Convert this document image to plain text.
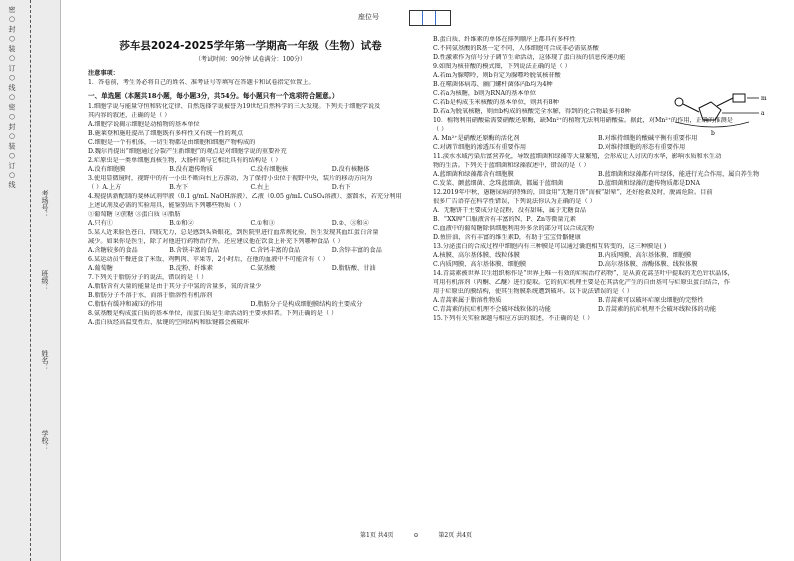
密 ○ 封 ○ 装 ○ 订 ○ 线 ○ 密 ○ 封 ○ 装 ○ 订 ○ 线
学校：
姓名：
班级：
考场号：
座位号
莎车县2024-2025学年第一学期高一年级（生物）试卷
（考试时间：90分钟 试卷满分：100分）
注意事项：
1．答卷前，考生务必将自己的姓名、准考证号等填写在答题卡和试卷指定位置上。
一、单选题（本题共18小题，每小题3分，共54分。每小题只有一个选项符合题意。）
1.细胞学说与能量守恒和转化定律、自然选择学说被誉为19世纪自然科学的三大发现。下列关于细胞学说及
其内容的叙述，正确的是（ ）
A.细胞学说揭示细胞是动植物的基本单位
B.施莱登和施旺提出了细胞既有多样性又有统一性的观点
C.细胞是一个有机体，一切生物都是由细胞和细胞产物构成的
D.魏尔肖提出“细胞通过分裂产生新细胞”的观点是对细胞学说的重要补充
2.疟原虫是一类单细胞真核生物，大肠杆菌与它相比具有的结构是（ ）
A.没有细胞膜	B.没有遗传物质	C.没有细胞核	D.没有核糖体
3.使用显微镜时，视野中的有一小虫不断向右上方游动，为了保持小虫位于视野中央，装片的移动方向为
（ ）A.上方	B.左下	C.右上	D.右下
4.现提供新配制的斐林试剂甲液（0.1 g/mL NaOH溶液）、乙液（0.05 g/mL CuSO₄溶液）、蒸馏水，若充分利用
上述试剂及必需的实验用具，能鉴别出下列哪些物质（ ）
①葡萄糖 ②蔗糖 ③蛋白质 ④脂肪
A.只有①	B.①和②	C.①和③	D.②、③和④
5.某人近来脸色苍白、四肢无力，总是感到头昏眼花，到医院里进行血常规化验，医生发现其血红蛋白含量
减少。如果你是医生，除了对他进行药物治疗外，还应建议他在饮食上补充下列哪种食品（ ）
A.含糖较多的食品	B.含铁丰富的食品	C.含钙丰富的食品	D.含锌丰富的食品
6.某运动员午餐进食了米饭、鸡鸭肉、苹果等，2小时后，在他的血液中不可能含有（ ）
A.葡萄糖	B.淀粉、纤维素	C.氨基酸	D.脂肪酸、甘油
7.下列关于脂肪分子的说法，错误的是（ ）
A.脂肪含有大量的能量是由于其分子中氢的含量多，氧的含量少
B.脂肪分子不溶于水，而溶于脂溶性有机溶剂
C.脂肪有缓冲和减压的作用	D.脂肪分子是构成细胞膜结构的主要成分
8.氨基酸是构成蛋白质的基本单位，而蛋白质是生命活动的主要承担者。下列正确的是（ ）
A.蛋白质经高温变性后，肽键的空间结构和肽键都会被破坏
B.蛋白质、纤维素的单体在排列顺序上都具有多样性
C.不同氨基酸的R基一定不同，人体细胞可合成非必需氨基酸
D.性激素作为信号分子调节生命活动，这体现了蛋白质的信息传递功能
9.如图为核苷酸的模式图，下列说法正确的是（ ）
A.若m为腺嘌呤，则b肯定为腺嘌呤脱氧核苷酸
B.在噬菌体病毒、幽门螺杆菌体内b均为4种
C.若a为核糖，b则为RNA的基本单位
C.若b是构成玉米核酸的基本单位，则共有8种
D.若a为脱氧核糖，则由b构成的核酸完全水解，得到的化合物最多有8种
10．植物利用硝酸盐需要硝酸还原酶，缺Mn²⁺的植物无法利用硝酸盐。据此，对Mn²⁺的作用，正确的推测是
（ ）
A. Mn²⁺是硝酸还原酶的活化剂	B.对维持细胞的酸碱平衡有重要作用
C.对调节细胞的渗透压有重要作用	D.对维持细胞的形态有重要作用
11.淡水水域污染后富营养化，导致蓝细菌和绿藻等大量繁殖，会形成让人讨厌的水华，影响水质和水生动
物的生活。下列关于蓝细菌和绿藻叙述中，错误的是（ ）
A.蓝细菌和绿藻都含有细胞膜	B.蓝细菌和绿藻都有叶绿体，能进行光合作用，属自养生物
C.发菜、颤蓝细菌、念珠蓝细菌，都属于蓝细菌	D.蓝细菌和绿藻的遗传物质都是DNA
12.2019年中秋，愚糖尿病的特殊的，回食用“无糖月饼”而被“甜晕”，还好抢救及时，脱离危险。目前
很多广告语存在科学性错误，下列说法你认为正确的是（ ）
A．无糖饼干主要成分是淀粉，没有甜味，属于无糖食品
B．“XX牌”口服液含有丰富的N、P、Zn等微量元素
C.血液中的葡萄糖除供细胞利用外多余的部分可以合成淀粉
D.鱼肝油，含有丰富的维生素D，有助于宝宝骨骼健康
13.分泌蛋白的合成过程中细胞内有三种膜是可以通过囊泡相互转变的，这三种膜是( )
A.核膜、高尔基体膜、线粒体膜	B.内质网膜、高尔基体膜、细胞膜
C.内质网膜、高尔基体膜、细胞膜	D.高尔基体膜、溶酶体膜、线粒体膜
14.青蒿素被世界卫生组织称作是“世界上唯一有效的疟疾治疗药物”，是从黄花蒿茎叶中提取的无色针状晶体，
可用有机溶剂（丙酮、乙醚）进行提取。它的抗疟机理主要是在其活化产生的自由基可与疟原虫蛋白结合，作
用于疟原虫的膜结构，使其生物膜系统遭到破坏。以下说法错误的是（ ）
A.青蒿素属于脂溶性物质	B.青蒿素可以破坏疟原虫细胞的完整性
C.青蒿素的抗疟机理不会破坏线粒体的功能	D.青蒿素的抗疟机理不会破坏线粒体的功能
15.下列有关实验课题与相应方法的叙述，不正确的是（ ）
m
a
b
第1页 共4页	⊙	第2页 共4页
